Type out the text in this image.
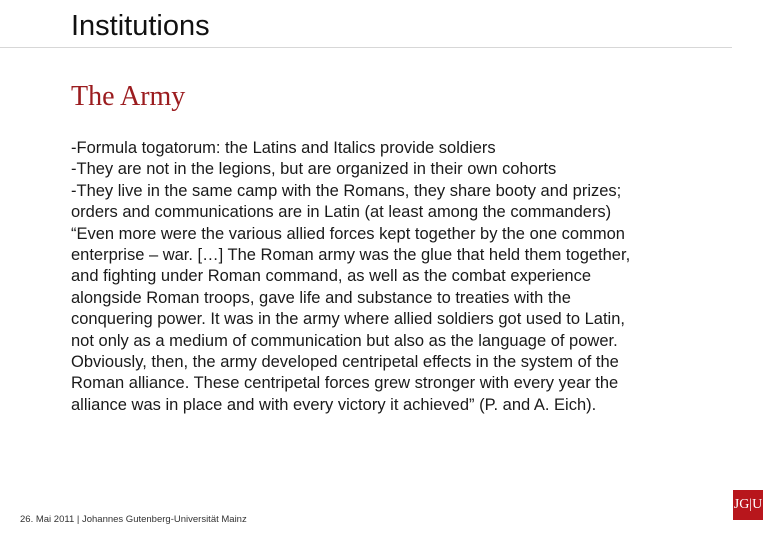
Institutions
The Army

-Formula togatorum: the Latins and Italics provide soldiers

-They are not in the legions, but are organized in their own cohorts

-They live in the same camp with the Romans, they share booty and prizes; orders and communications are in Latin (at least among the commanders)

“Even more were the various allied forces kept together by the one common enterprise – war. […] The Roman army was the glue that held them together, and fighting under Roman command, as well as the combat experience alongside Roman troops, gave life and substance to treaties with the conquering power. It was in the army where allied soldiers got used to Latin, not only as a medium of communication but also as the language of power. Obviously, then, the army developed centripetal effects in the system of the Roman alliance. These centripetal forces grew stronger with every year the alliance was in place and with every victory it achieved” (P. and A. Eich).

26. Mai 2011 | Johannes Gutenberg-Universität Mainz
JG|U
